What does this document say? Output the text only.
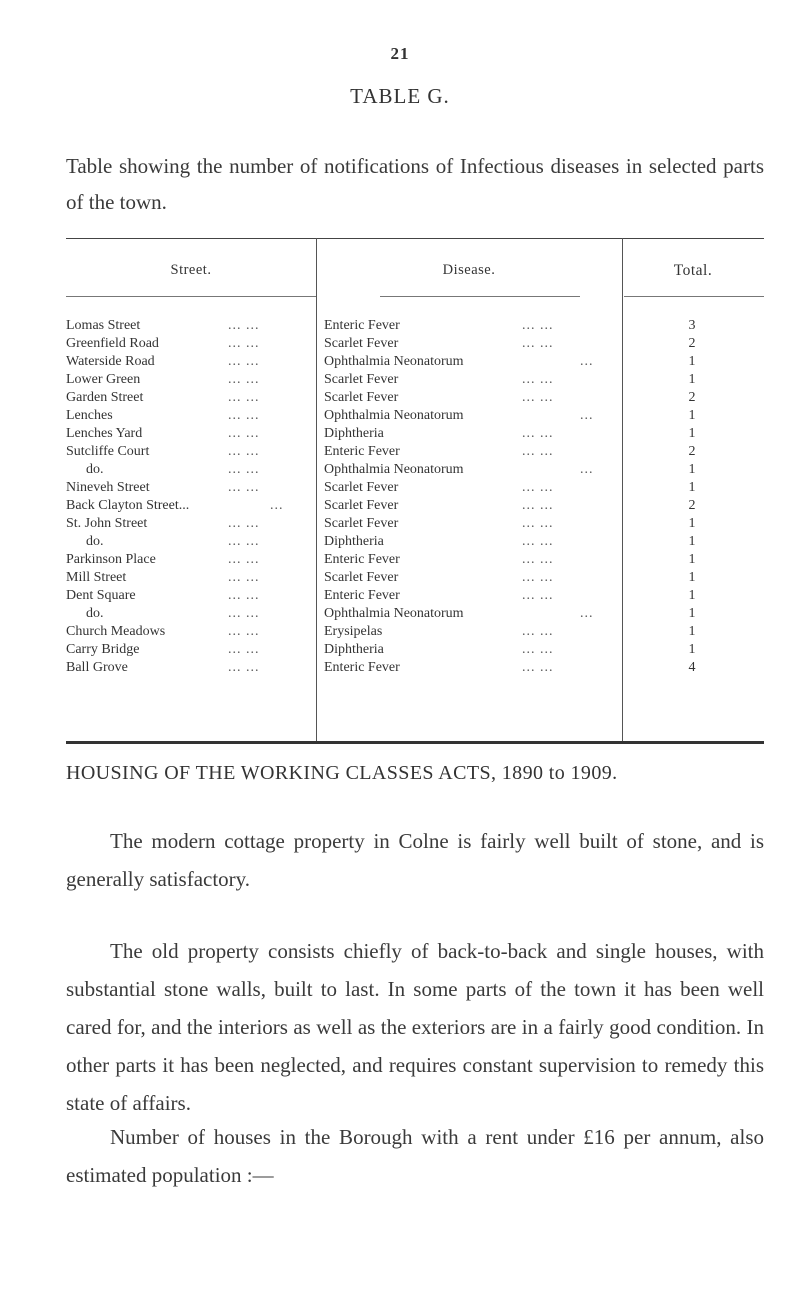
21
TABLE G.
Table showing the number of notifications of Infectious diseases in selected parts of the town.
Street.	Disease.	Total.
Lomas Street	Enteric Fever	3
... ...	... ...
Greenfield Road	Scarlet Fever	2
... ...	... ...
Waterside Road	Ophthalmia Neonatorum	1
... ...	...
Lower Green	Scarlet Fever	1
... ...	... ...
Garden Street	Scarlet Fever	2
... ...	... ...
Lenches	Ophthalmia Neonatorum	1
... ...	...
Lenches Yard	Diphtheria	1
... ...	... ...
Sutcliffe Court	Enteric Fever	2
... ...	... ...
do.	Ophthalmia Neonatorum	1
... ...	...
Nineveh Street	Scarlet Fever	1
... ...	... ...
Back Clayton Street...	Scarlet Fever	2
...	... ...
St. John Street	Scarlet Fever	1
... ...	... ...
do.	Diphtheria	1
... ...	... ...
Parkinson Place	Enteric Fever	1
... ...	... ...
Mill Street	Scarlet Fever	1
... ...	... ...
Dent Square	Enteric Fever	1
... ...	... ...
do.	Ophthalmia Neonatorum	1
... ...	...
Church Meadows	Erysipelas	1
... ...	... ...
Carry Bridge	Diphtheria	1
... ...	... ...
Ball Grove	Enteric Fever	4
... ...	... ...
HOUSING OF THE WORKING CLASSES ACTS, 1890 to 1909.
The modern cottage property in Colne is fairly well built of stone, and is generally satisfactory.
The old property consists chiefly of back-to-back and single houses, with substantial stone walls, built to last. In some parts of the town it has been well cared for, and the interiors as well as the exteriors are in a fairly good condition. In other parts it has been neglected, and requires constant supervision to remedy this state of affairs.
Number of houses in the Borough with a rent under £16 per annum, also estimated population :—
